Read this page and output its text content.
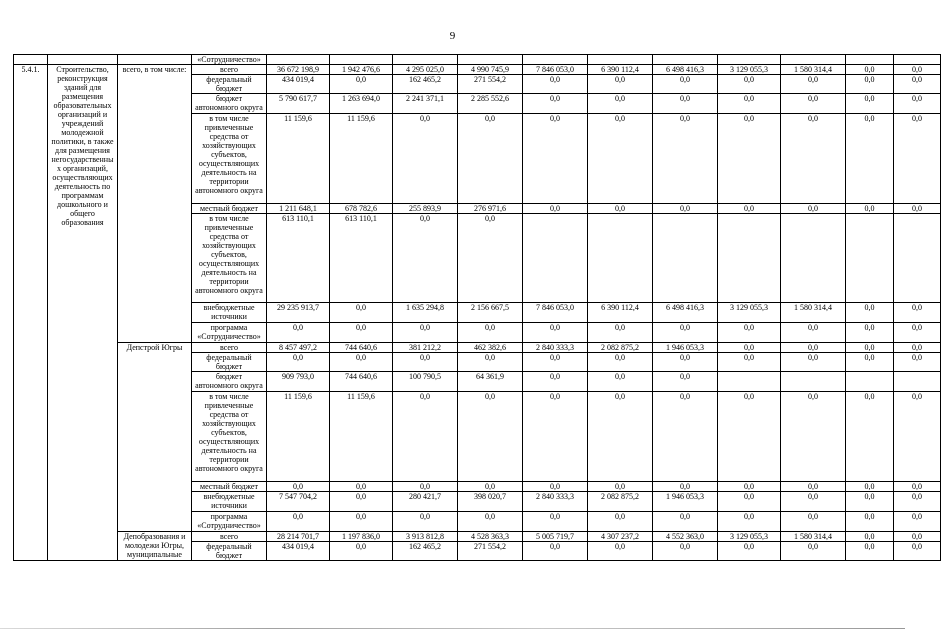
9
			«Сотрудничество»											
5.4.1.	Строительство, реконструкция зданий для размещения образовательных организаций и учреждений молодежной политики, в также для размещения негосударственны х организаций, осуществляющих деятельность по программам дошкольного и общего образования	всего, в том числе:	всего	36 672 198,9	1 942 476,6	4 295 025,0	4 990 745,9	7 846 053,0	6 390 112,4	6 498 416,3	3 129 055,3	1 580 314,4	0,0	0,0
			федеральный бюджет	434 019,4	0,0	162 465,2	271 554,2	0,0	0,0	0,0	0,0	0,0	0,0	0,0
			бюджет автономного округа	5 790 617,7	1 263 694,0	2 241 371,1	2 285 552,6	0,0	0,0	0,0	0,0	0,0	0,0	0,0
			в том числе привлеченные средства от хозяйствующих субъектов, осуществляющих деятельность на территории автономного округа	11 159,6	11 159,6	0,0	0,0	0,0	0,0	0,0	0,0	0,0	0,0	0,0
			местный бюджет	1 211 648,1	678 782,6	255 893,9	276 971,6	0,0	0,0	0,0	0,0	0,0	0,0	0,0
			в том числе привлеченные средства от хозяйствующих субъектов, осуществляющих деятельность на территории автономного округа	613 110,1	613 110,1	0,0	0,0							
			внебюджетные источники	29 235 913,7	0,0	1 635 294,8	2 156 667,5	7 846 053,0	6 390 112,4	6 498 416,3	3 129 055,3	1 580 314,4	0,0	0,0
			программа «Сотрудничество»	0,0	0,0	0,0	0,0	0,0	0,0	0,0	0,0	0,0	0,0	0,0
		Депстрой Югры	всего	8 457 497,2	744 640,6	381 212,2	462 382,6	2 840 333,3	2 082 875,2	1 946 053,3	0,0	0,0	0,0	0,0
			федеральный бюджет	0,0	0,0	0,0	0,0	0,0	0,0	0,0	0,0	0,0	0,0	0,0
			бюджет автономного округа	909 793,0	744 640,6	100 790,5	64 361,9	0,0	0,0	0,0				
			в том числе привлеченные средства от хозяйствующих субъектов, осуществляющих деятельность на территории автономного округа	11 159,6	11 159,6	0,0	0,0	0,0	0,0	0,0	0,0	0,0	0,0	0,0
			местный бюджет	0,0	0,0	0,0	0,0	0,0	0,0	0,0	0,0	0,0	0,0	0,0
			внебюджетные источники	7 547 704,2	0,0	280 421,7	398 020,7	2 840 333,3	2 082 875,2	1 946 053,3	0,0	0,0	0,0	0,0
			программа «Сотрудничество»	0,0	0,0	0,0	0,0	0,0	0,0	0,0	0,0	0,0	0,0	0,0
		Депобразования и молодежи Югры, муниципальные	всего	28 214 701,7	1 197 836,0	3 913 812,8	4 528 363,3	5 005 719,7	4 307 237,2	4 552 363,0	3 129 055,3	1 580 314,4	0,0	0,0
			федеральный бюджет	434 019,4	0,0	162 465,2	271 554,2	0,0	0,0	0,0	0,0	0,0	0,0	0,0
